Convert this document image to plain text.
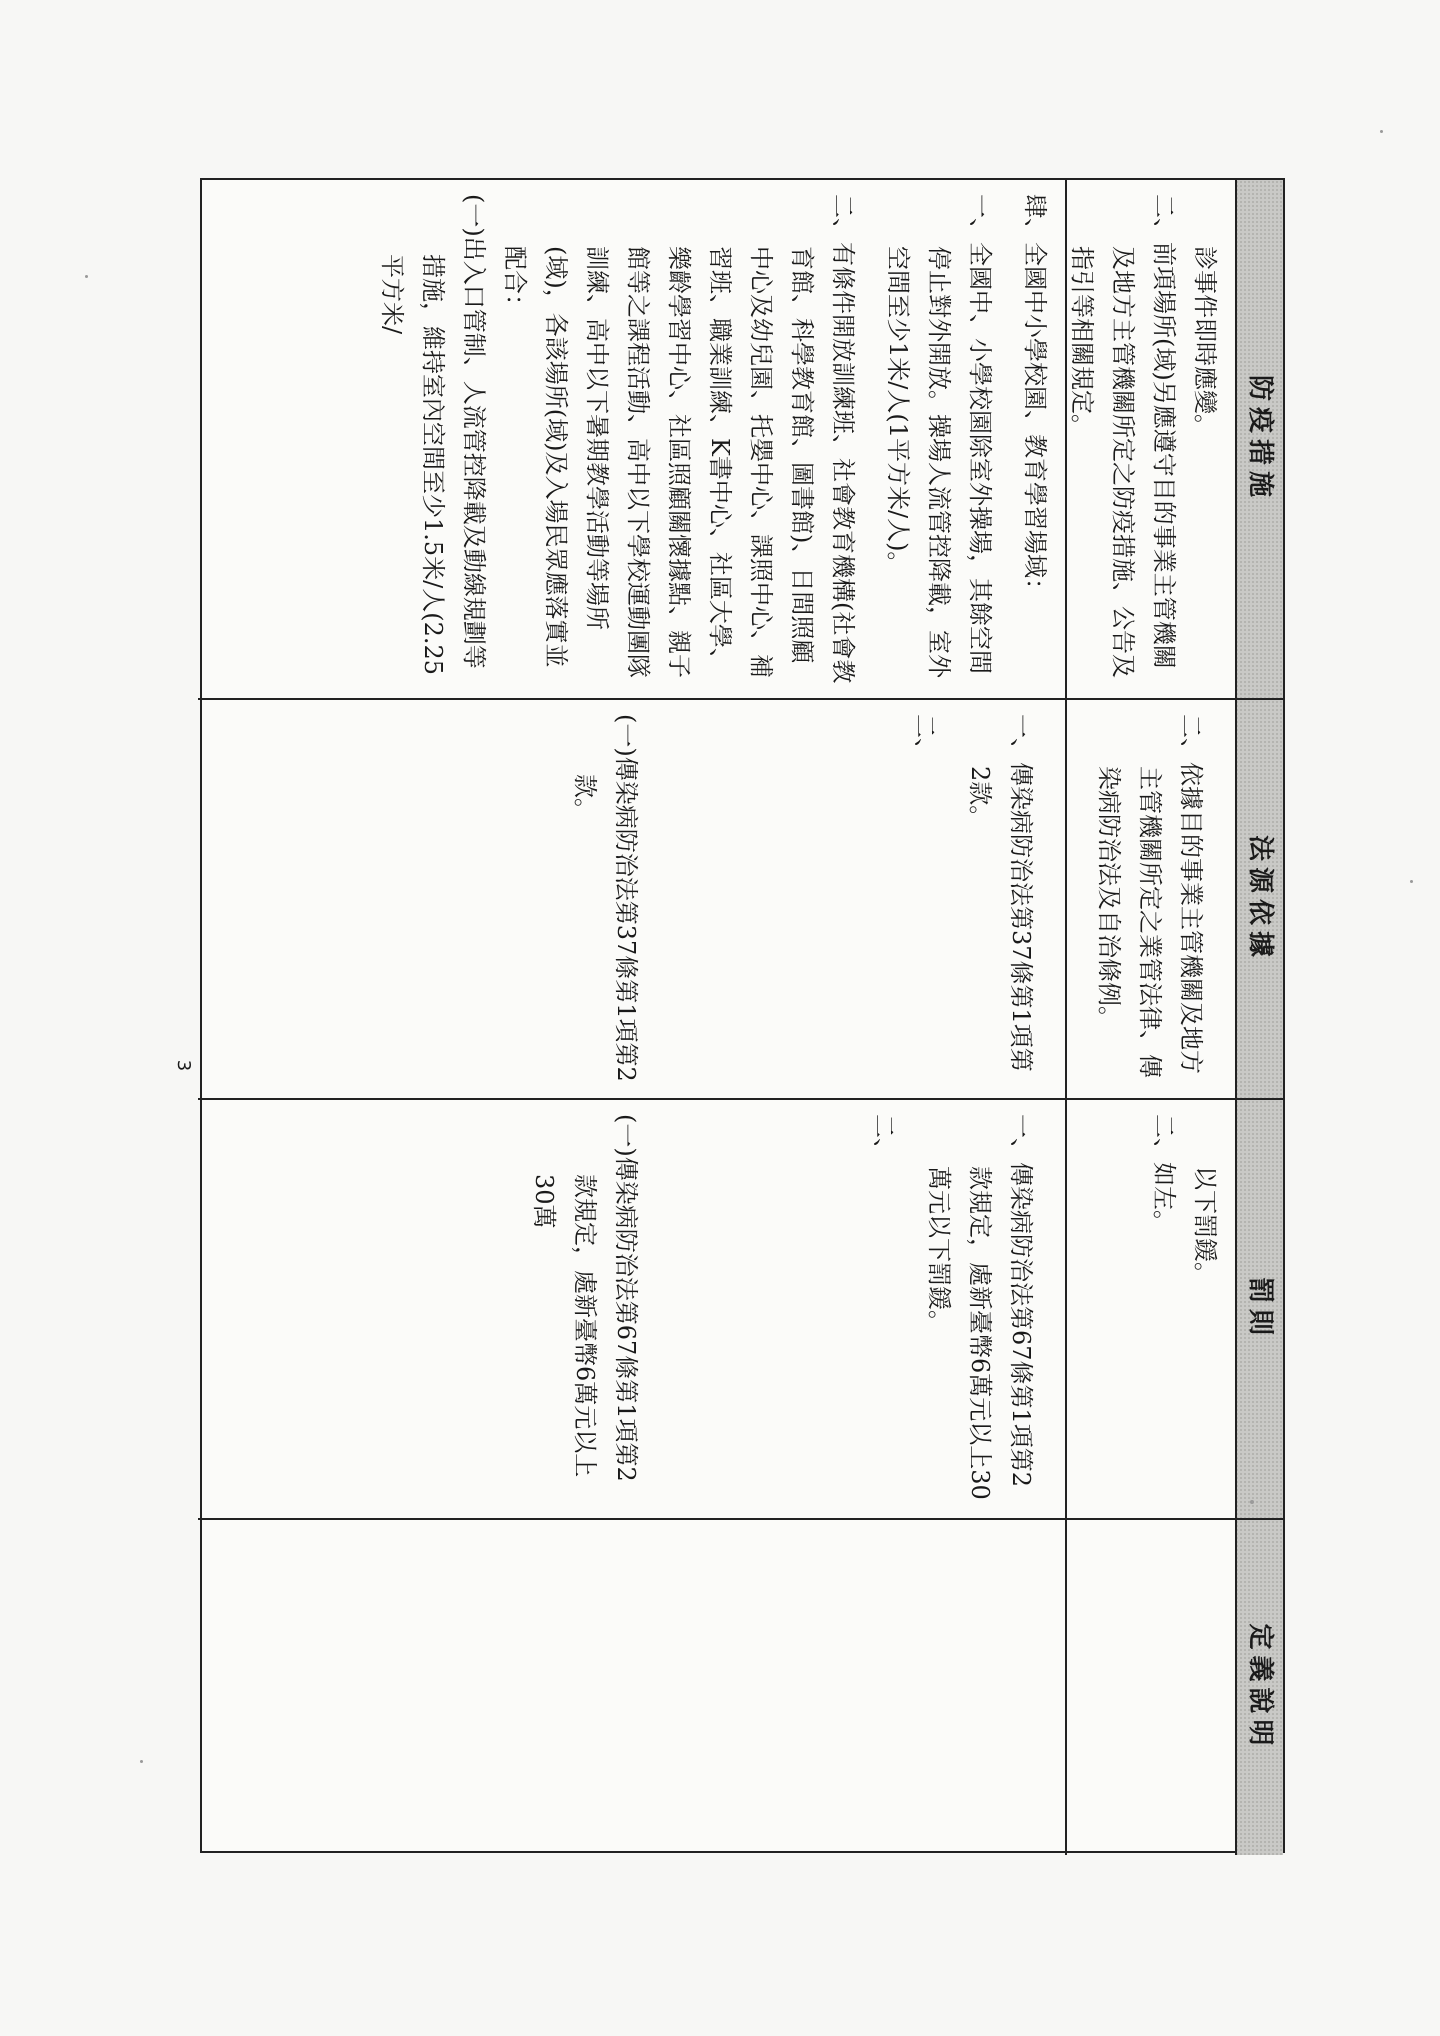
防疫措施
法源依據
罰則
定義說明

診事件即時應變。

二、前項場所(域)另應遵守目的事業主管機關及地方主管機關所定之防疫措施、公告及指引等相關規定。

二、依據目的事業主管機關及地方主管機關所定之業管法律、傳染病防治法及自治條例。

以下罰鍰。

二、如左。

肆、全國中小學校園、教育學習場域：

一、全國中、小學校園除室外操場，其餘空間停止對外開放。操場人流管控降載，室外空間至少1米/人(1平方米/人)。

二、有條件開放訓練班、社會教育機構(社會教育館、科學教育館、圖書館)、日間照顧中心及幼兒園、托嬰中心、課照中心、補習班、職業訓練、K書中心、社區大學、樂齡學習中心、社區照顧關懷據點、親子館等之課程活動、高中以下學校運動團隊訓練、高中以下暑期教學活動等場所(域)，各該場所(域)及入場民眾應落實並配合：

(一)出入口管制、人流管控降載及動線規劃等措施，維持室內空間至少1.5米/人(2.25平方米/

一、傳染病防治法第37條第1項第2款。

二、

(一)傳染病防治法第37條第1項第2款。

一、傳染病防治法第67條第1項第2款規定，處新臺幣6萬元以上30萬元以下罰鍰。

二、

(一)傳染病防治法第67條第1項第2款規定，處新臺幣6萬元以上30萬

3
